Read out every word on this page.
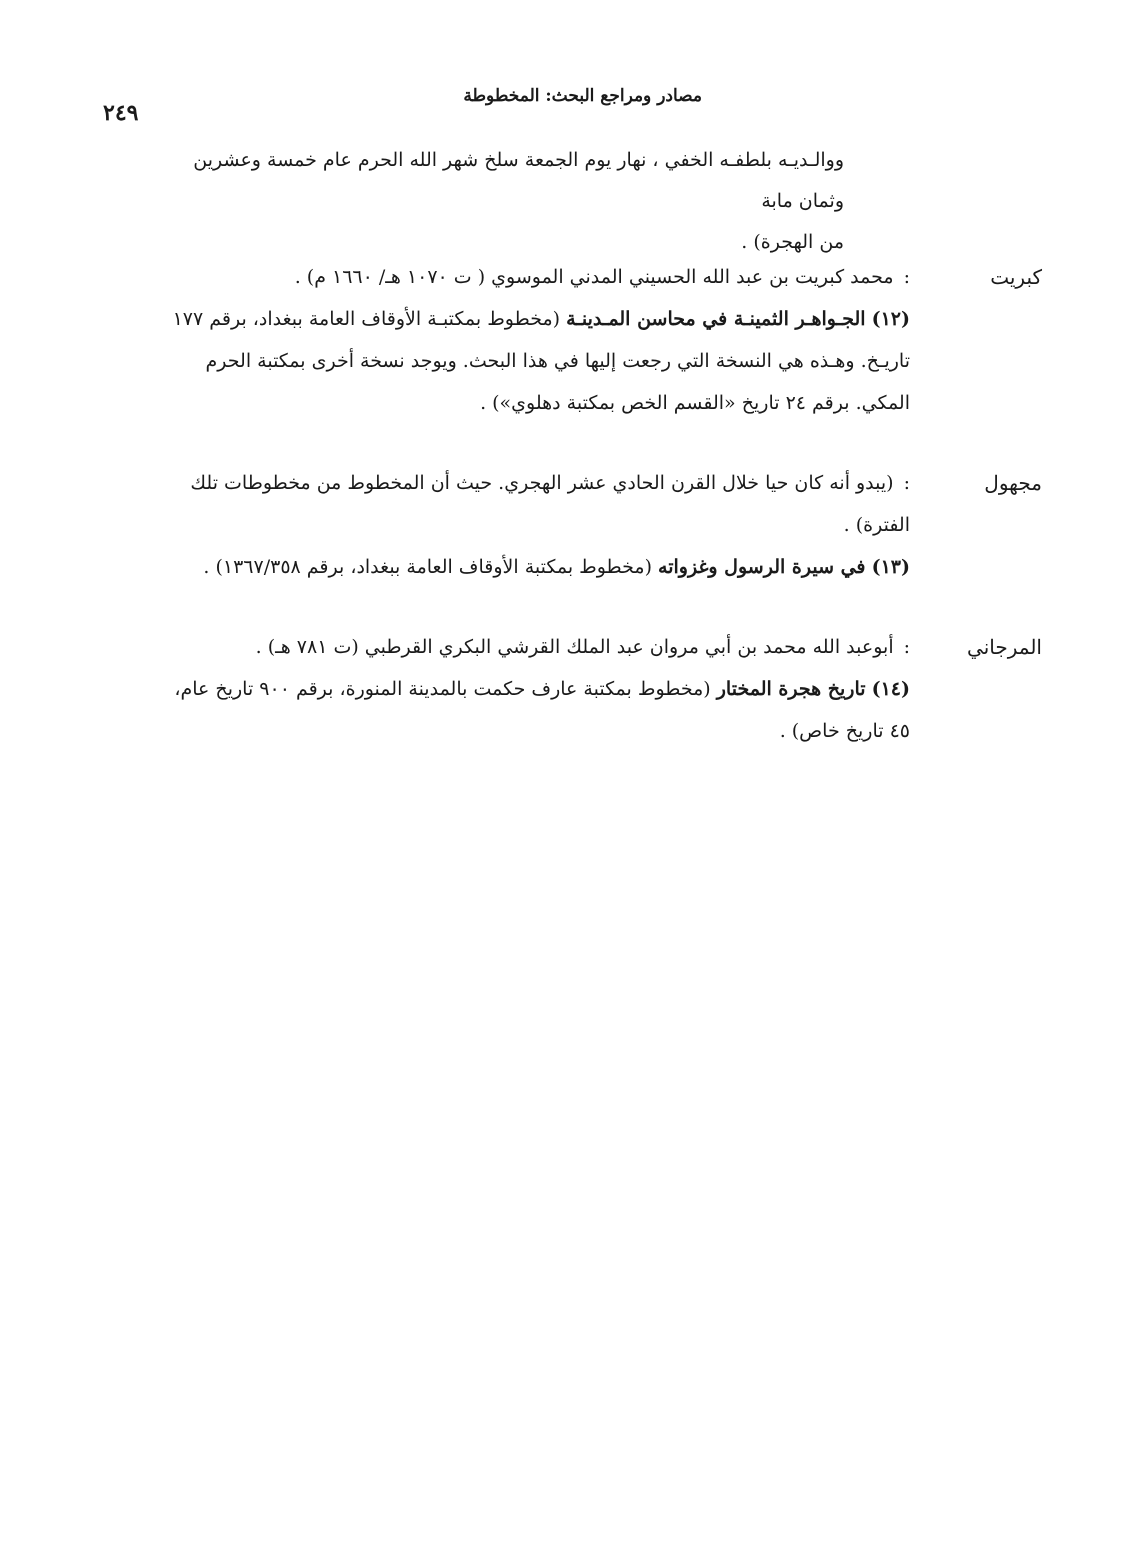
مصادر ومراجع البحث: المخطوطة
٢٤٩

ووالـديـه بلطفـه الخفي ، نهار يوم الجمعة سلخ شهر الله الحرم عام خمسة وعشرين وثمان مابة

من الهجرة) .

كبريت

:محمد كبريت بن عبد الله الحسيني المدني الموسوي ( ت ١٠٧٠ هـ/ ١٦٦٠ م) .

(١٢) الجـواهـر الثمينـة في محاسن المـدينـة (مخطوط بمكتبـة الأوقاف العامة ببغداد، برقم ١٧٧ تاريـخ. وهـذه هي النسخة التي رجعت إليها في هذا البحث. ويوجد نسخة أخرى بمكتبة الحرم المكي. برقم ٢٤ تاريخ «القسم الخص بمكتبة دهلوي») .

مجهول

:(يبدو أنه كان حيا خلال القرن الحادي عشر الهجري. حيث أن المخطوط من مخطوطات تلك الفترة) .

(١٣) في سيرة الرسول وغزواته (مخطوط بمكتبة الأوقاف العامة ببغداد، برقم ١٣٦٧/٣٥٨) .

المرجاني

:أبوعبد الله محمد بن أبي مروان عبد الملك القرشي البكري القرطبي (ت ٧٨١ هـ) .

(١٤) تاريخ هجرة المختار (مخطوط بمكتبة عارف حكمت بالمدينة المنورة، برقم ٩٠٠ تاريخ عام، ٤٥ تاريخ خاص) .
